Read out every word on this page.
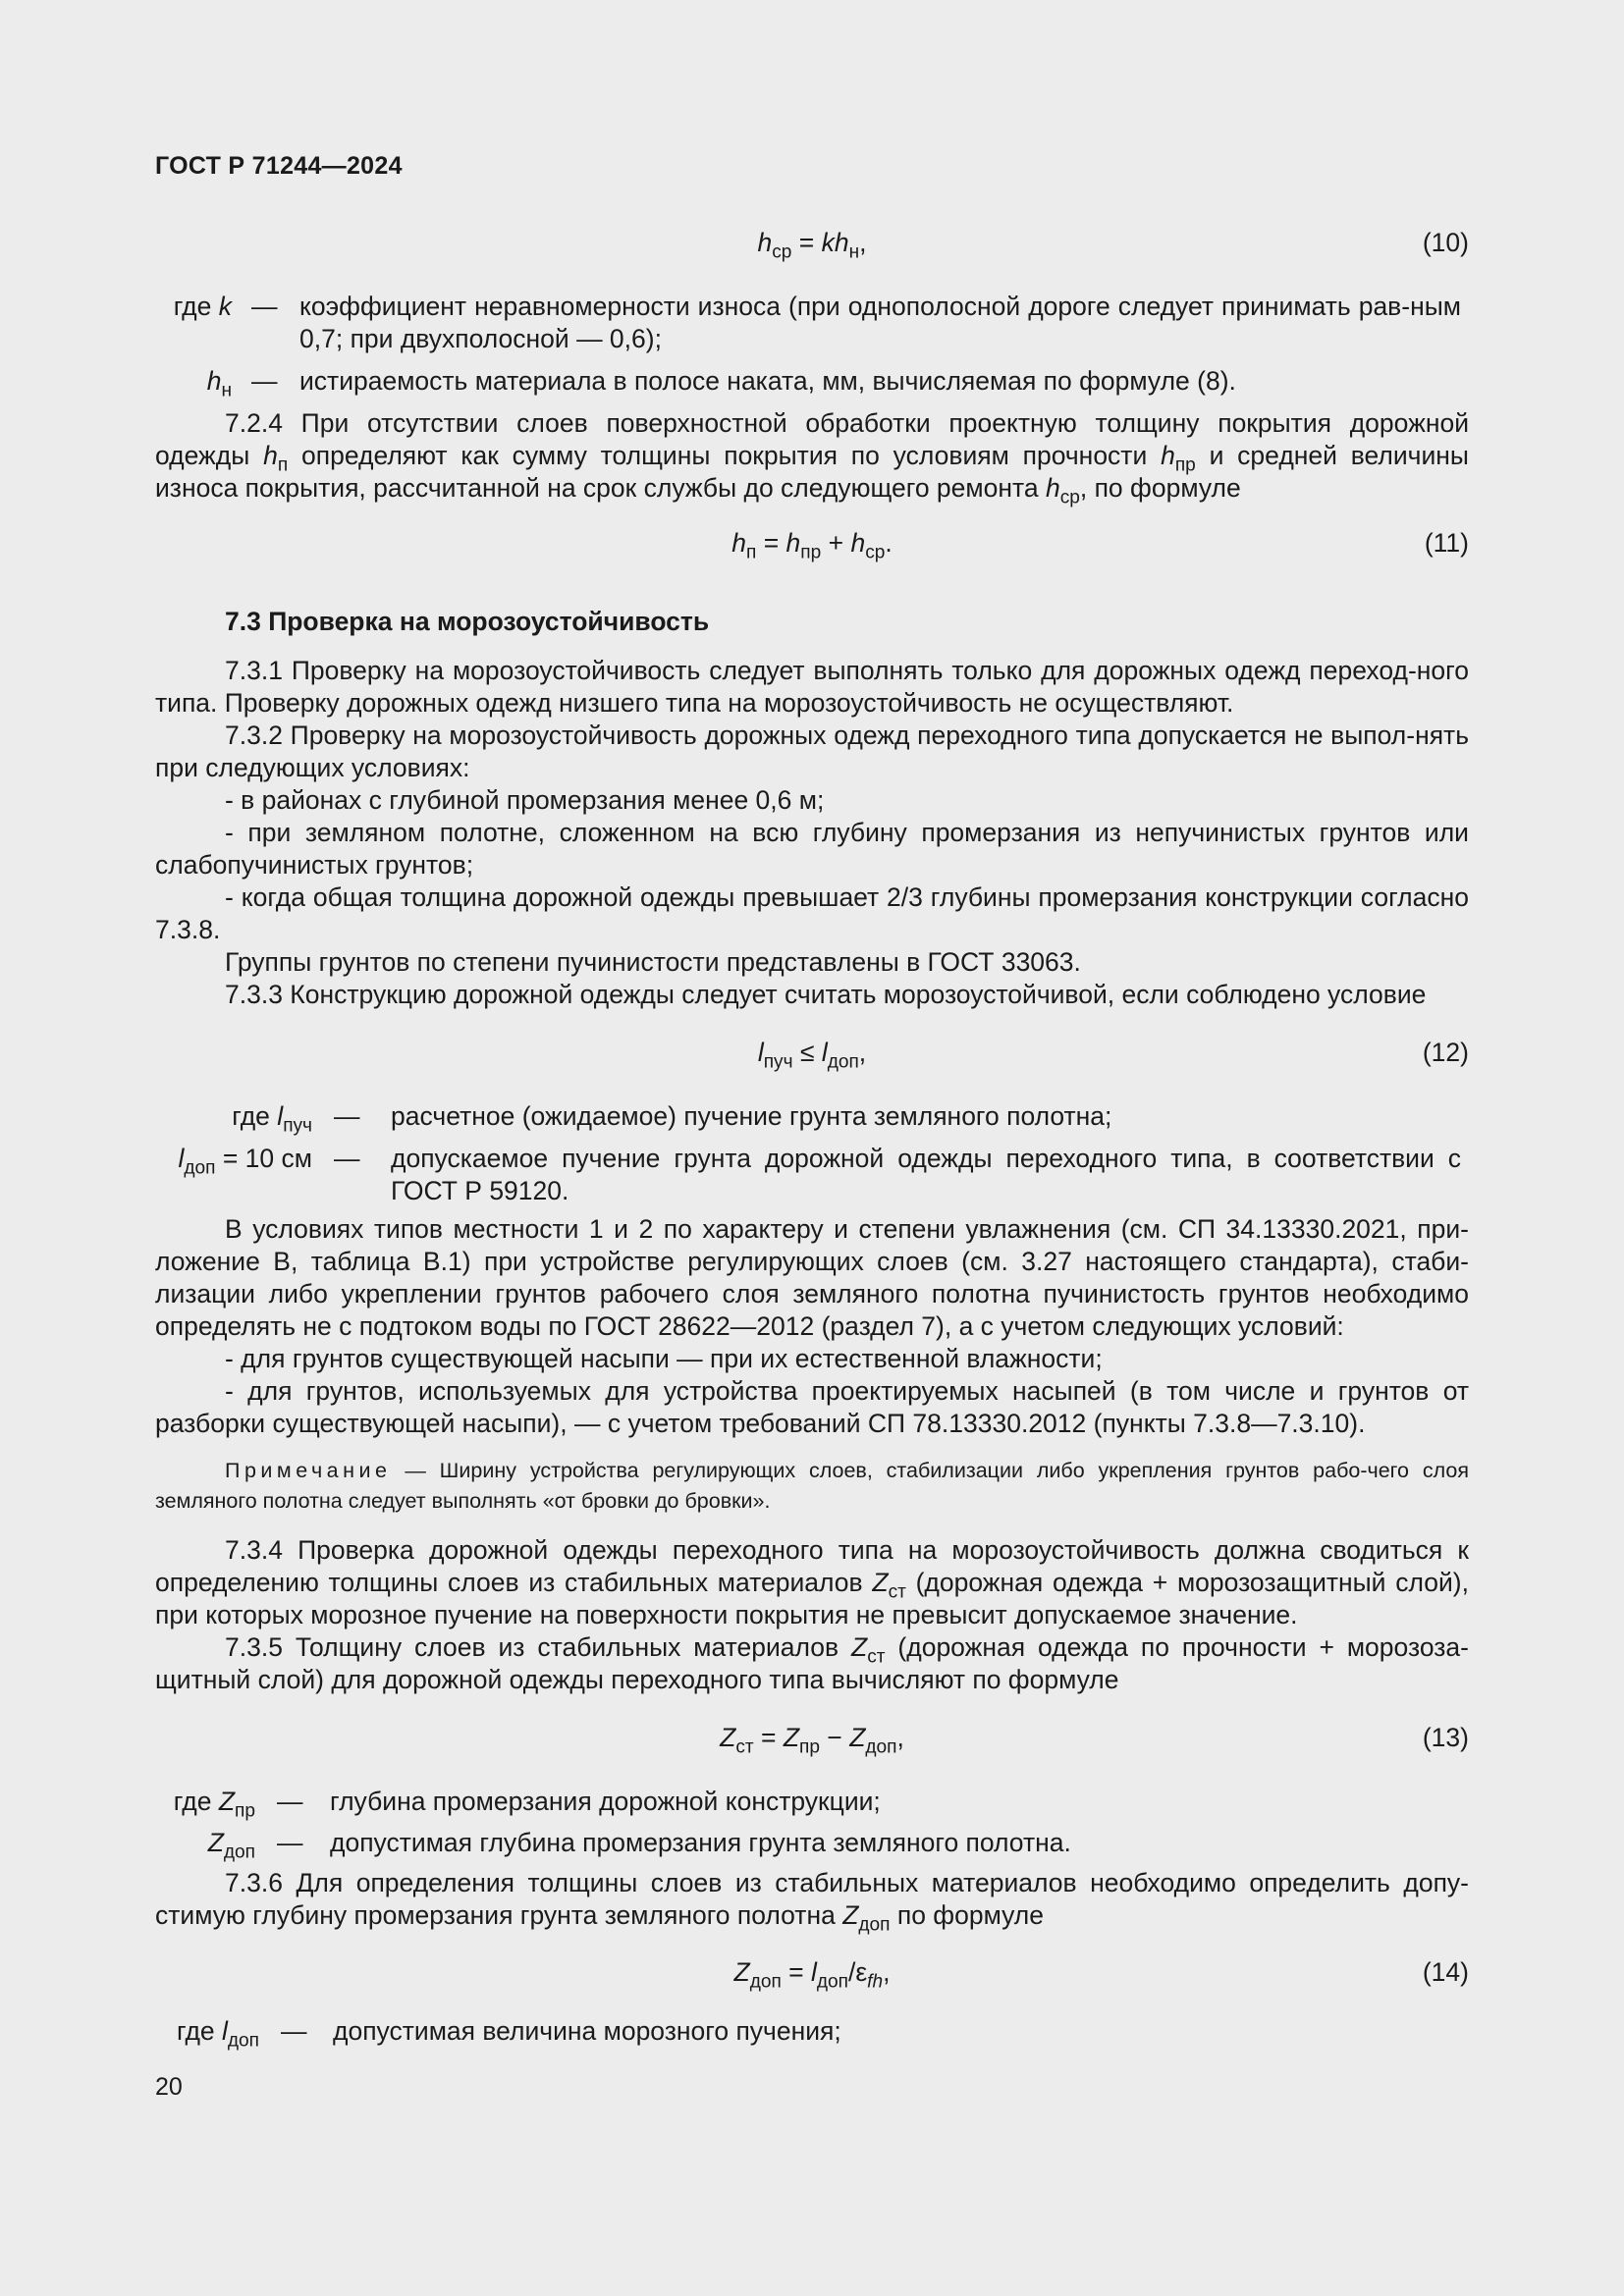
ГОСТ Р 71244—2024
$h_{ср} = kh_н$,	(10)
где k — коэффициент неравномерности износа (при однополосной дороге следует принимать рав-ным 0,7; при двухполосной — 0,6);
$h_н$ — истираемость материала в полосе наката, мм, вычисляемая по формуле (8).
7.2.4 При отсутствии слоев поверхностной обработки проектную толщину покрытия дорожной одежды $h_п$ определяют как сумму толщины покрытия по условиям прочности $h_{пр}$ и средней величины износа покрытия, рассчитанной на срок службы до следующего ремонта $h_{ср}$, по формуле
$h_п = h_{пр} + h_{ср}$.	(11)
7.3 Проверка на морозоустойчивость
7.3.1 Проверку на морозоустойчивость следует выполнять только для дорожных одежд переход-ного типа. Проверку дорожных одежд низшего типа на морозоустойчивость не осуществляют.
7.3.2 Проверку на морозоустойчивость дорожных одежд переходного типа допускается не выпол-нять при следующих условиях:
- в районах с глубиной промерзания менее 0,6 м;
- при земляном полотне, сложенном на всю глубину промерзания из непучинистых грунтов или слабопучинистых грунтов;
- когда общая толщина дорожной одежды превышает 2/3 глубины промерзания конструкции согласно 7.3.8.
Группы грунтов по степени пучинистости представлены в ГОСТ 33063.
7.3.3 Конструкцию дорожной одежды следует считать морозоустойчивой, если соблюдено условие
$l_{пуч} \le l_{доп}$,	(12)
где $l_{пуч}$ — расчетное (ожидаемое) пучение грунта земляного полотна;
$l_{доп} = 10$ см — допускаемое пучение грунта дорожной одежды переходного типа, в соответствии с ГОСТ Р 59120.
В условиях типов местности 1 и 2 по характеру и степени увлажнения (см. СП 34.13330.2021, при-ложение В, таблица В.1) при устройстве регулирующих слоев (см. 3.27 настоящего стандарта), стаби-лизации либо укреплении грунтов рабочего слоя земляного полотна пучинистость грунтов необходимо определять не с подтоком воды по ГОСТ 28622—2012 (раздел 7), а с учетом следующих условий:
- для грунтов существующей насыпи — при их естественной влажности;
- для грунтов, используемых для устройства проектируемых насыпей (в том числе и грунтов от разборки существующей насыпи), — с учетом требований СП 78.13330.2012 (пункты 7.3.8—7.3.10).
Примечание — Ширину устройства регулирующих слоев, стабилизации либо укрепления грунтов рабо-чего слоя земляного полотна следует выполнять «от бровки до бровки».
7.3.4 Проверка дорожной одежды переходного типа на морозоустойчивость должна сводиться к определению толщины слоев из стабильных материалов $Z_{ст}$ (дорожная одежда + морозозащитный слой), при которых морозное пучение на поверхности покрытия не превысит допускаемое значение.
7.3.5 Толщину слоев из стабильных материалов $Z_{ст}$ (дорожная одежда по прочности + морозоза-щитный слой) для дорожной одежды переходного типа вычисляют по формуле
$Z_{ст} = Z_{пр} - Z_{доп}$,	(13)
где $Z_{пр}$ — глубина промерзания дорожной конструкции;
$Z_{доп}$ — допустимая глубина промерзания грунта земляного полотна.
7.3.6 Для определения толщины слоев из стабильных материалов необходимо определить допу-стимую глубину промерзания грунта земляного полотна $Z_{доп}$ по формуле
$Z_{доп} = l_{доп}/\varepsilon_{fh}$,	(14)
где $l_{доп}$ — допустимая величина морозного пучения;
20
